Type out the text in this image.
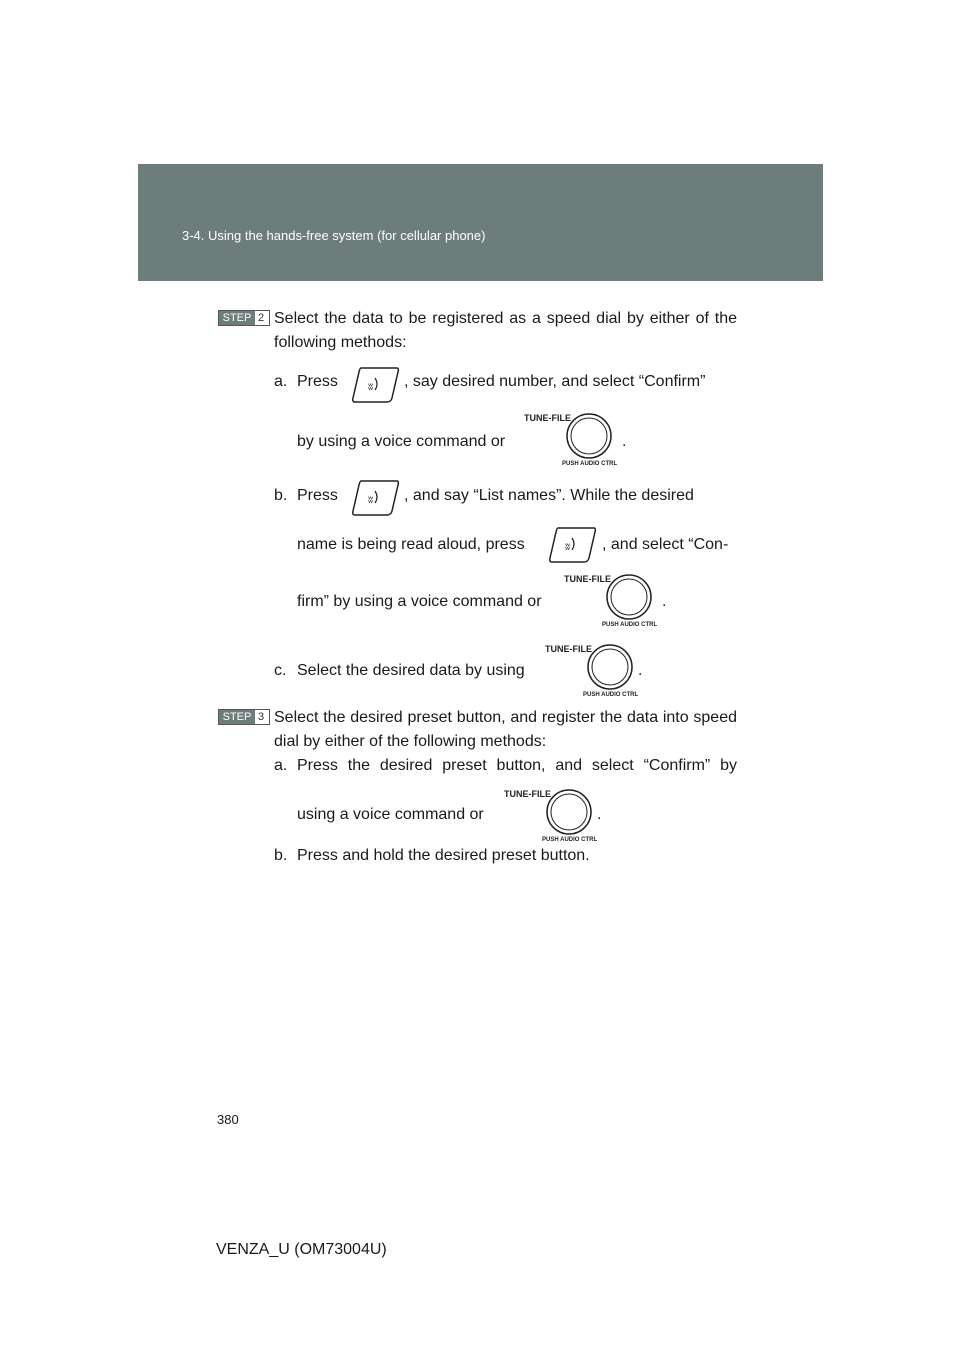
3-4. Using the hands-free system (for cellular phone)
STEP 2 Select the data to be registered as a speed dial by either of the following methods:
a. Press	ʬ , say desired number, and select “Confirm”
by using a voice command or
TUNE-FILE
PUSH AUDIO CTRL
.
b. Press	ʬ , and say “List names”. While the desired
name is being read aloud, press	ʬ , and select “Con-
firm” by using a voice command or
TUNE-FILE
PUSH AUDIO CTRL
.
c. Select the desired data by using
TUNE-FILE
PUSH AUDIO CTRL
.
STEP 3 Select the desired preset button, and register the data into speed dial by either of the following methods:
a. Press the desired preset button, and select “Confirm” by
using a voice command or
TUNE-FILE
PUSH AUDIO CTRL
.
b. Press and hold the desired preset button.
380
VENZA_U (OM73004U)
